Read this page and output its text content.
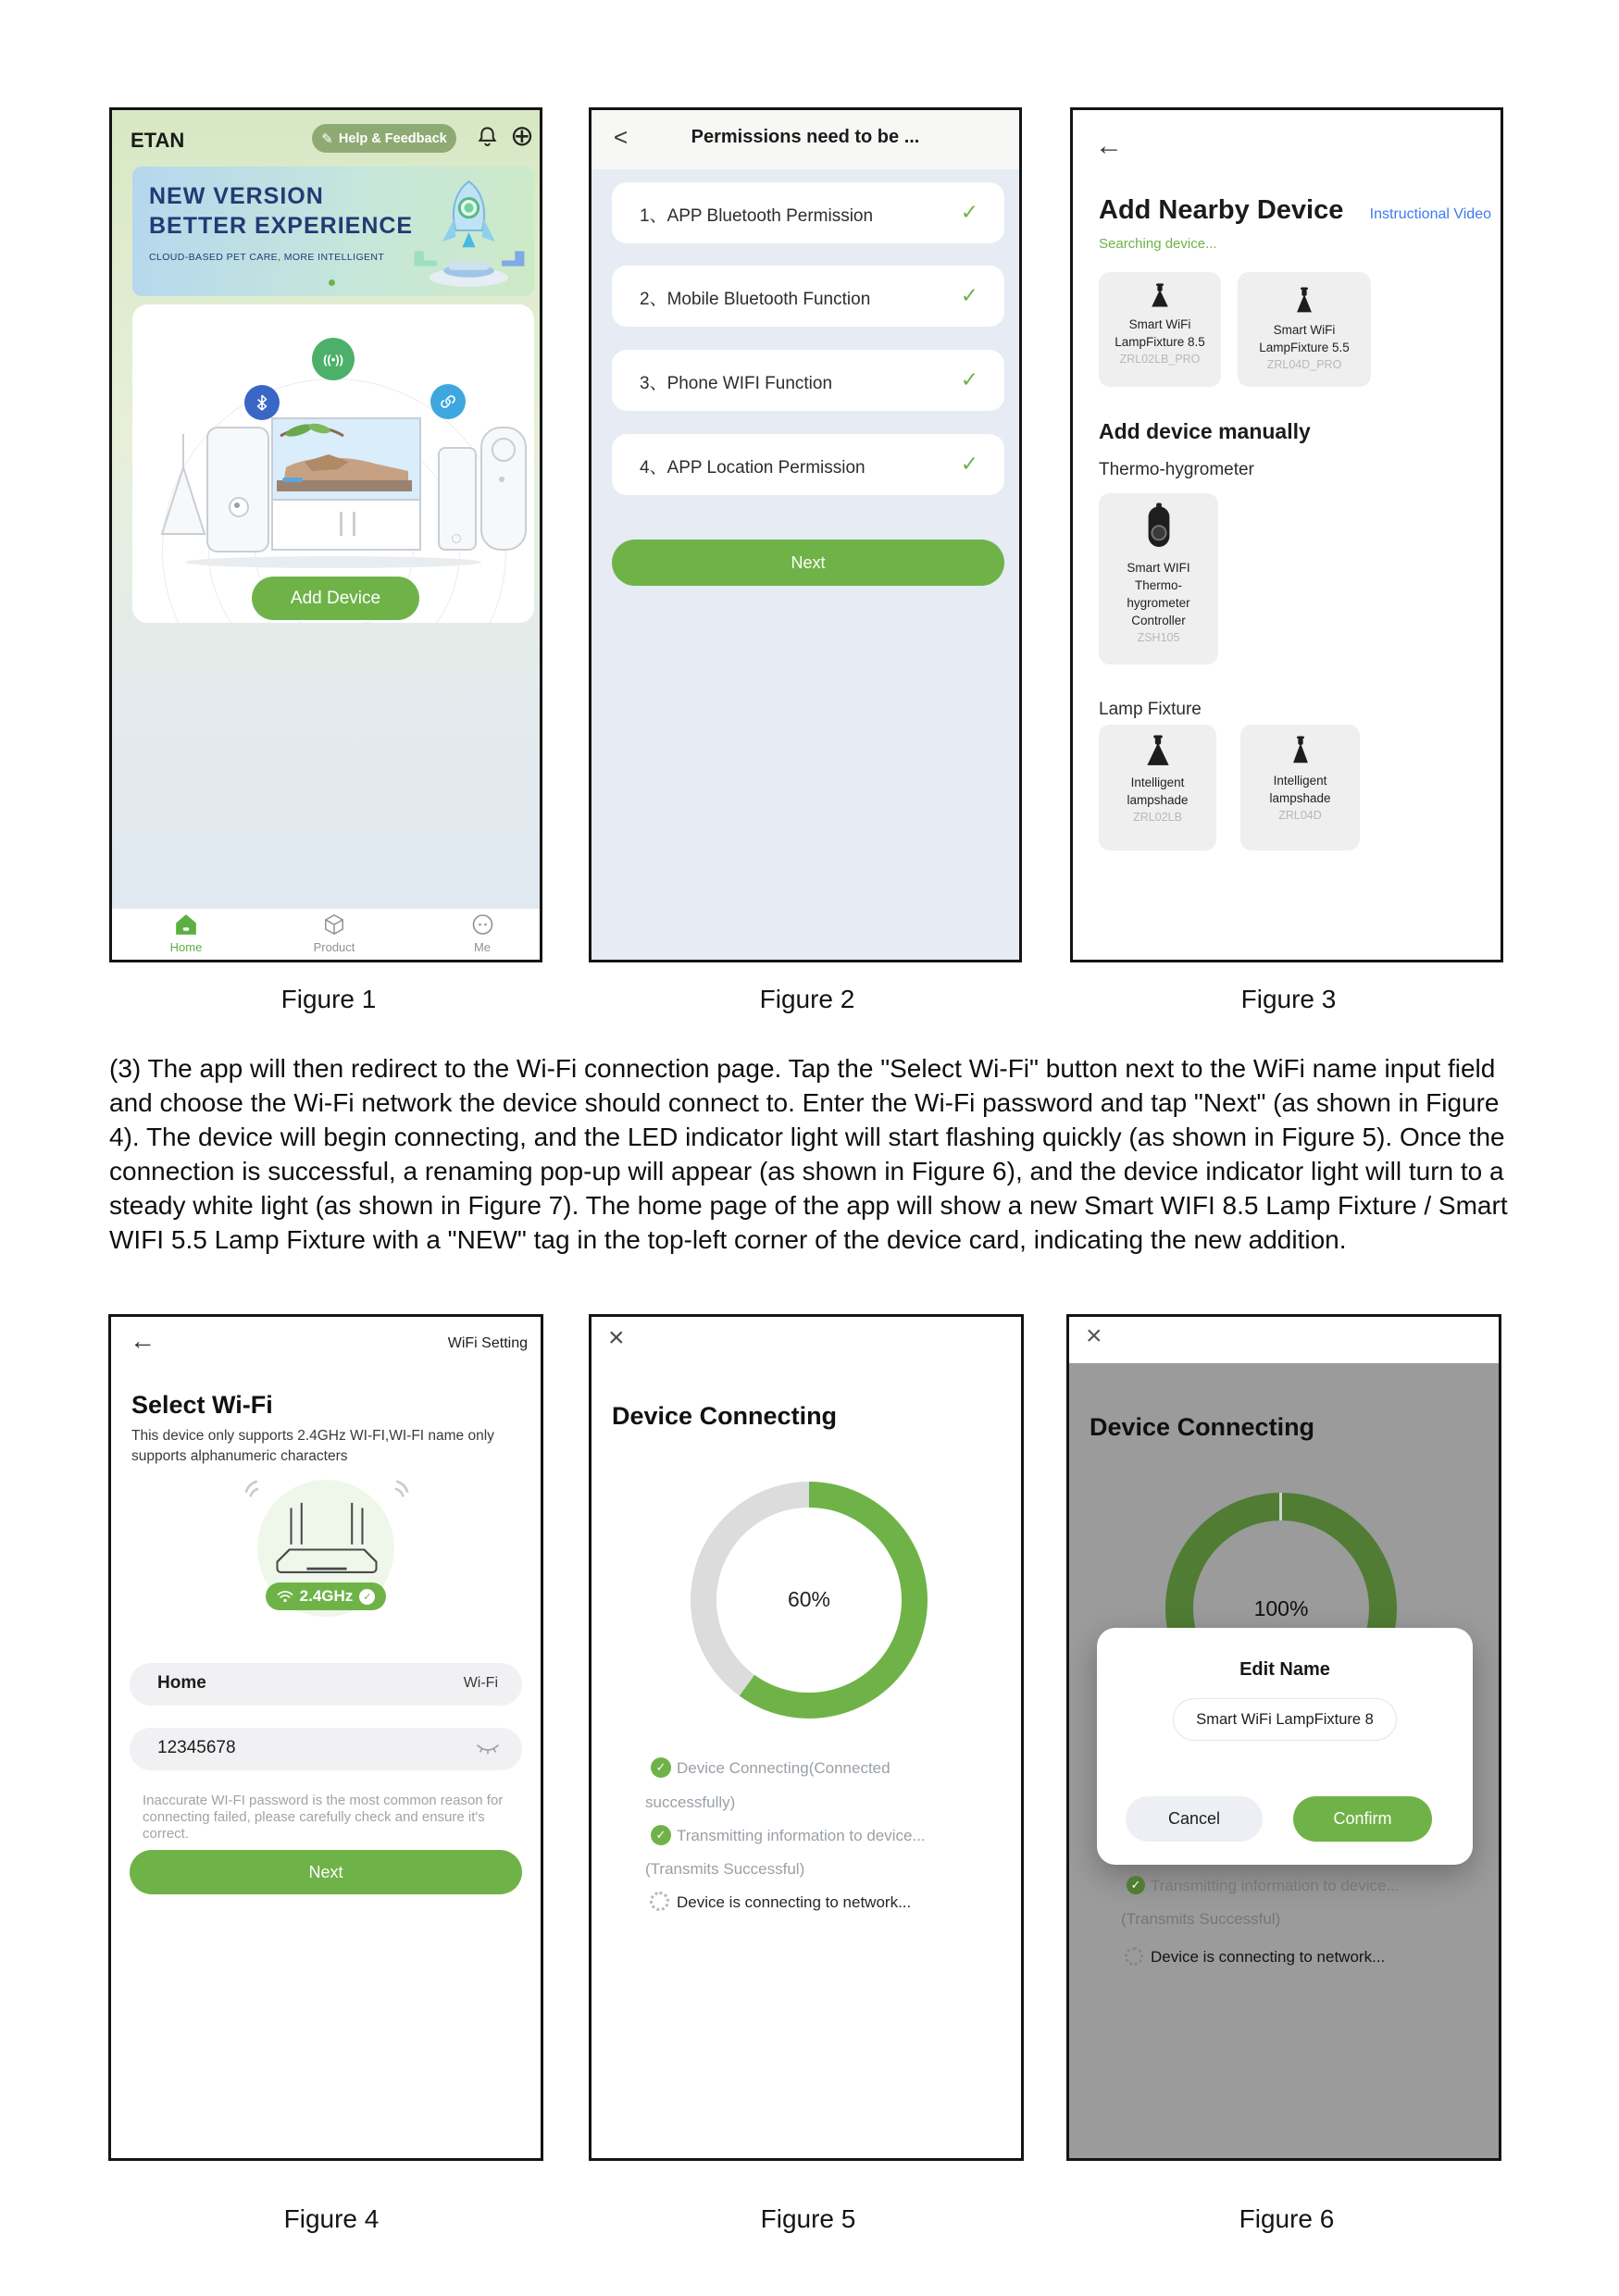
ETAN	✎ Help & Feedback ⊕
NEW VERSION
BETTER EXPERIENCE
CLOUD-BASED PET CARE, MORE INTELLIGENT
((•))
Add Device
Home	Product	Me
<	Permissions need to be ...
1、APP Bluetooth Permission	✓
2、Mobile Bluetooth Function	✓
3、Phone WIFI Function	✓
4、APP Location Permission	✓
Next
←
Add Nearby Device Instructional Video
Searching device...
Smart WiFi
LampFixture 8.5
ZRL02LB_PRO
Smart WiFi
LampFixture 5.5
ZRL04D_PRO
Add device manually
Thermo-hygrometer
Smart WIFI
Thermo-
hygrometer
Controller
ZSH105
Lamp Fixture
Intelligent
lampshade
ZRL02LB
Intelligent
lampshade
ZRL04D
Figure 1	Figure 2	Figure 3
(3) The app will then redirect to the Wi-Fi connection page. Tap the "Select Wi-Fi" button next to the WiFi name input field and choose the Wi-Fi network the device should connect to. Enter the Wi-Fi password and tap "Next" (as shown in Figure 4). The device will begin connecting, and the LED indicator light will start flashing quickly (as shown in Figure 5). Once the connection is successful, a renaming pop-up will appear (as shown in Figure 6), and the device indicator light will turn to a steady white light (as shown in Figure 7). The home page of the app will show a new Smart WIFI 8.5 Lamp Fixture / Smart WIFI 5.5 Lamp Fixture with a "NEW" tag in the top-left corner of the device card, indicating the new addition.
←	WiFi Setting
Select Wi-Fi
This device only supports 2.4GHz WI-FI,WI-FI name only supports alphanumeric characters
2.4GHz ✓
Home	Wi-Fi
12345678
Inaccurate WI-FI password is the most common reason for connecting failed, please carefully check and ensure it's correct.
Next
×
Device Connecting
60%
✓ Device Connecting(Connected
successfully)
✓ Transmitting information to device...
(Transmits Successful)
Device is connecting to network...
×
Device Connecting
100%
Edit Name
Smart WiFi LampFixture 8
Cancel	Confirm
✓ Transmitting information to device...
(Transmits Successful)
Device is connecting to network...
Figure 4	Figure 5	Figure 6
